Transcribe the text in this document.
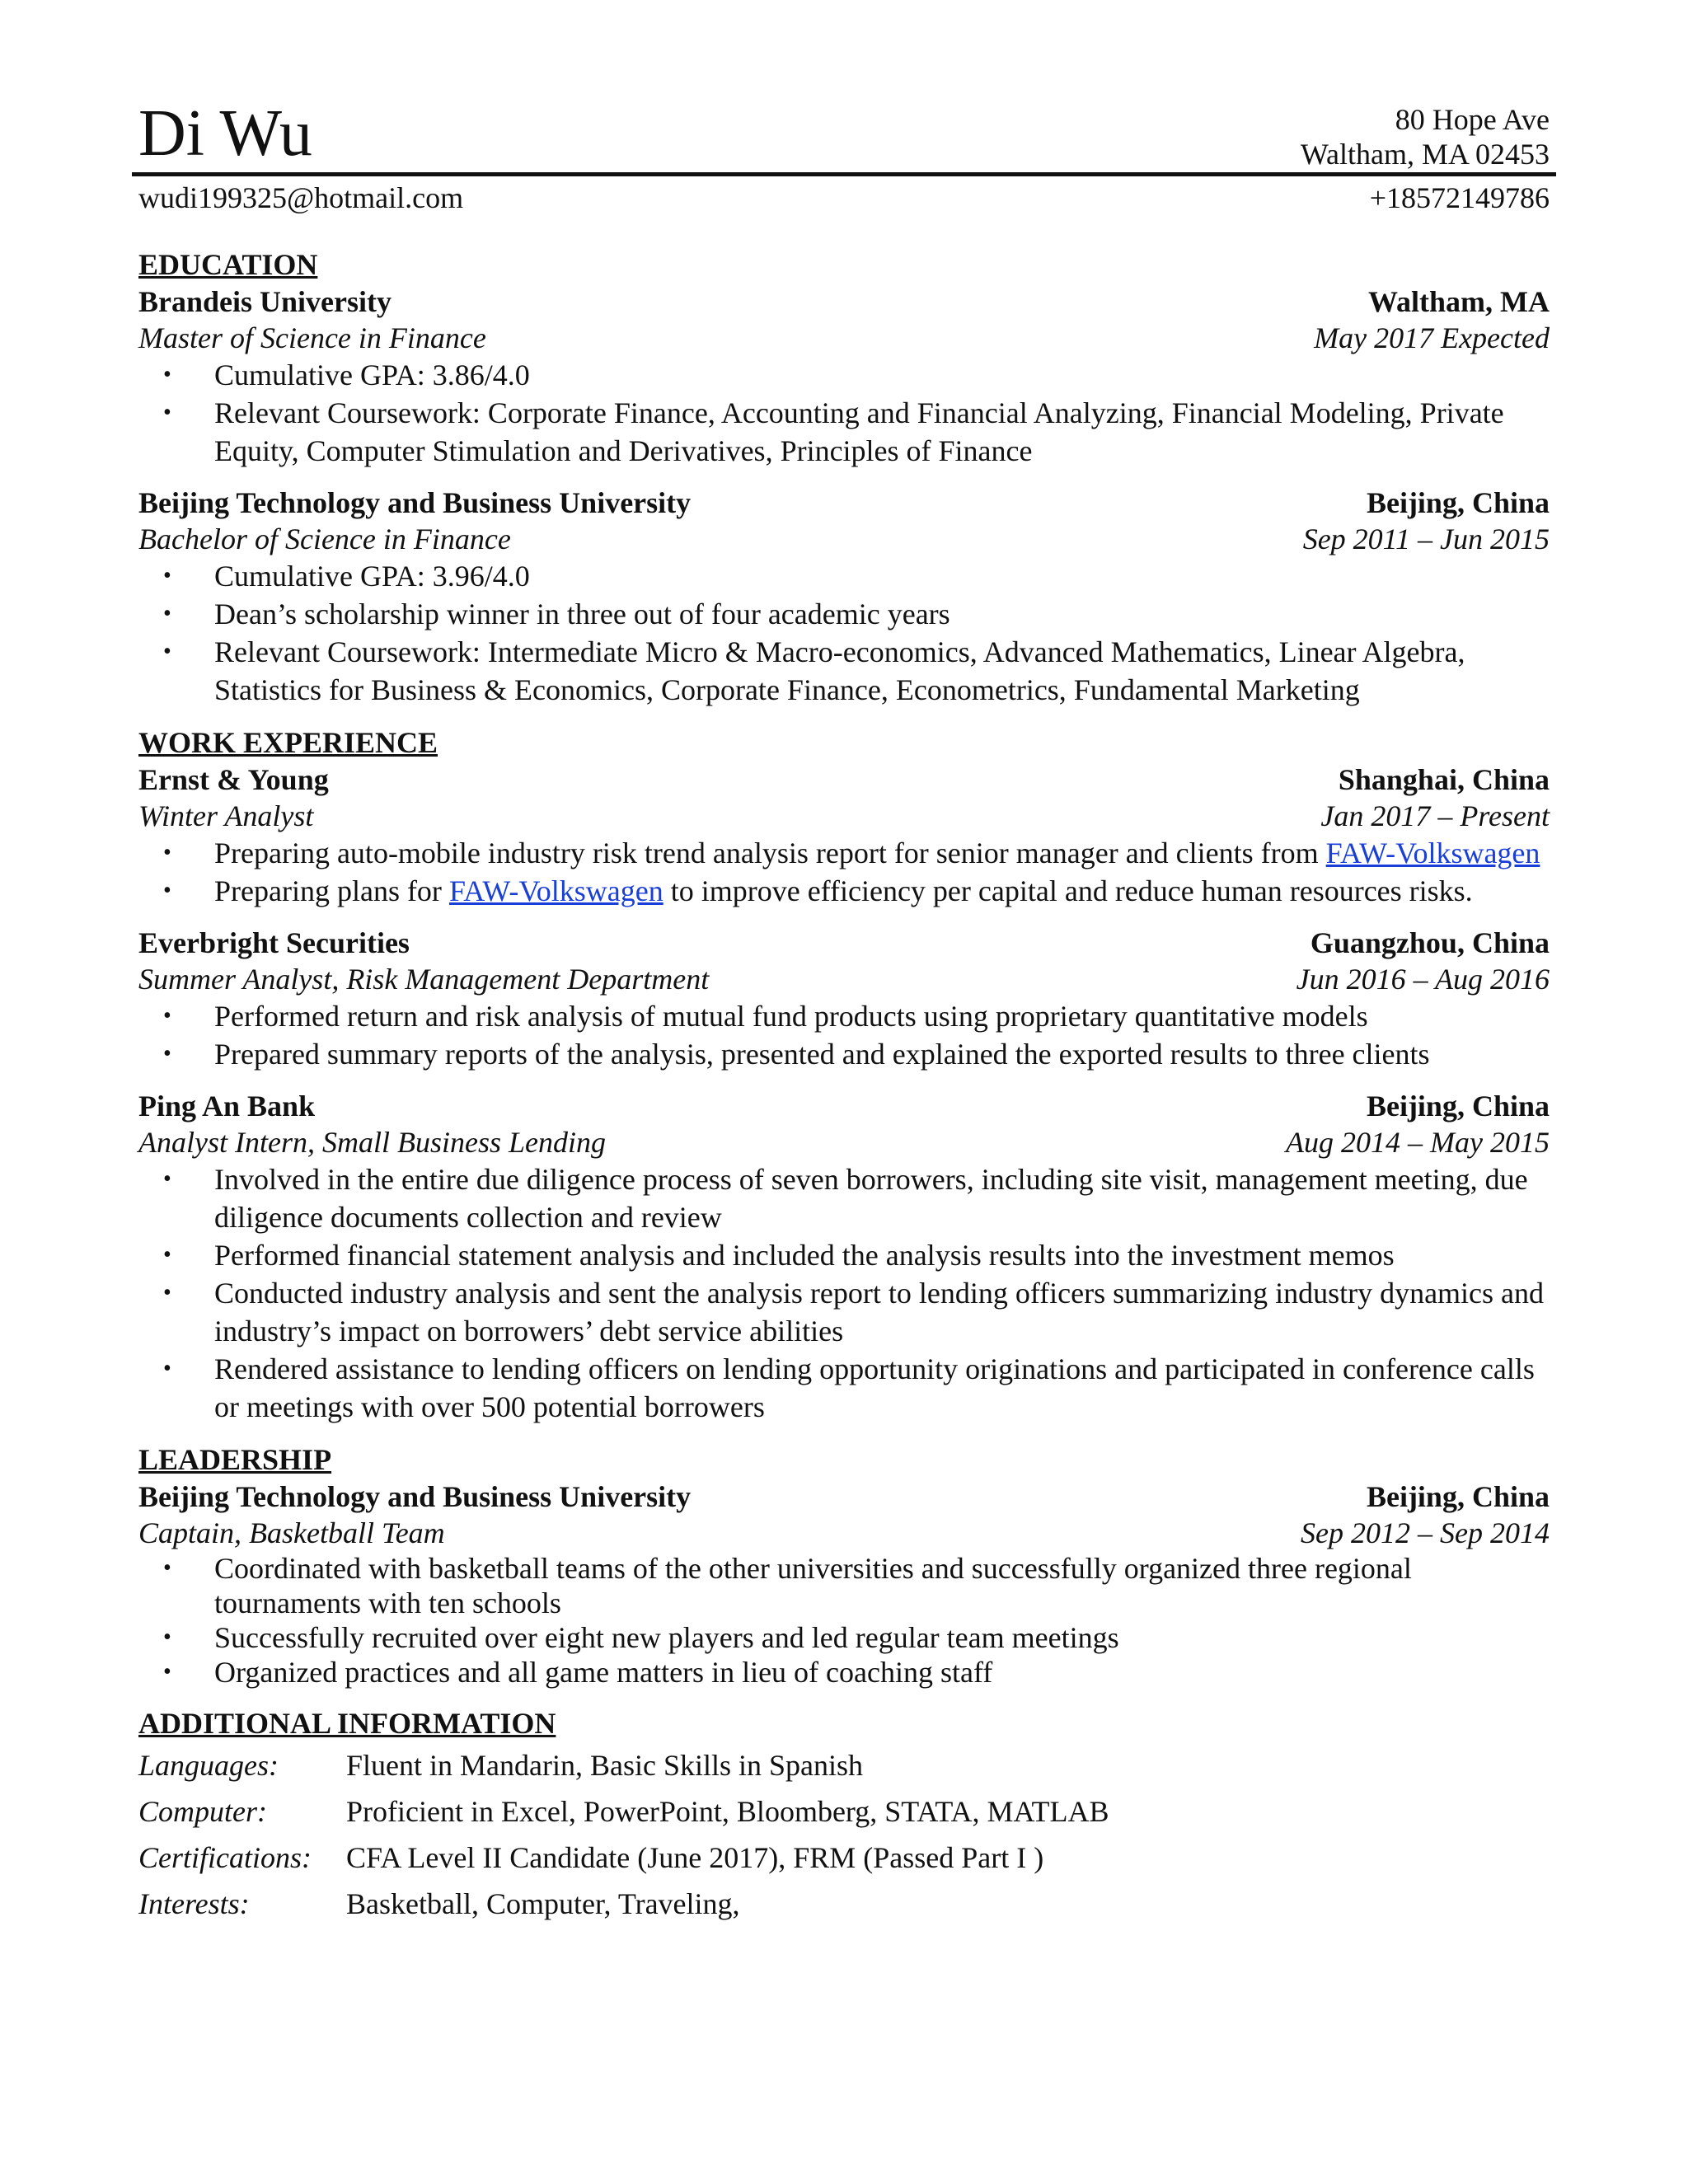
Di Wu	80 Hope Ave
Waltham, MA 02453
wudi199325@hotmail.com	+18572149786
EDUCATION
Brandeis University	Waltham, MA
Master of Science in Finance	May 2017 Expected
• Cumulative GPA: 3.86/4.0
• Relevant Coursework: Corporate Finance, Accounting and Financial Analyzing, Financial Modeling, Private Equity, Computer Stimulation and Derivatives, Principles of Finance
Beijing Technology and Business University	Beijing, China
Bachelor of Science in Finance	Sep 2011 – Jun 2015
• Cumulative GPA: 3.96/4.0
• Dean’s scholarship winner in three out of four academic years
• Relevant Coursework: Intermediate Micro & Macro-economics, Advanced Mathematics, Linear Algebra, Statistics for Business & Economics, Corporate Finance, Econometrics, Fundamental Marketing
WORK EXPERIENCE
Ernst & Young	Shanghai, China
Winter Analyst	Jan 2017 – Present
• Preparing auto-mobile industry risk trend analysis report for senior manager and clients from FAW-Volkswagen
• Preparing plans for FAW-Volkswagen to improve efficiency per capital and reduce human resources risks.
Everbright Securities	Guangzhou, China
Summer Analyst, Risk Management Department	Jun 2016 – Aug 2016
• Performed return and risk analysis of mutual fund products using proprietary quantitative models
• Prepared summary reports of the analysis, presented and explained the exported results to three clients
Ping An Bank	Beijing, China
Analyst Intern, Small Business Lending	Aug 2014 – May 2015
• Involved in the entire due diligence process of seven borrowers, including site visit, management meeting, due diligence documents collection and review
• Performed financial statement analysis and included the analysis results into the investment memos
• Conducted industry analysis and sent the analysis report to lending officers summarizing industry dynamics and industry’s impact on borrowers’ debt service abilities
• Rendered assistance to lending officers on lending opportunity originations and participated in conference calls or meetings with over 500 potential borrowers
LEADERSHIP
Beijing Technology and Business University	Beijing, China
Captain, Basketball Team	Sep 2012 – Sep 2014
• Coordinated with basketball teams of the other universities and successfully organized three regional tournaments with ten schools
• Successfully recruited over eight new players and led regular team meetings
• Organized practices and all game matters in lieu of coaching staff
ADDITIONAL INFORMATION
Languages:	Fluent in Mandarin, Basic Skills in Spanish
Computer:	Proficient in Excel, PowerPoint, Bloomberg, STATA, MATLAB
Certifications:	CFA Level II Candidate (June 2017), FRM (Passed Part I )
Interests:	Basketball, Computer, Traveling,
